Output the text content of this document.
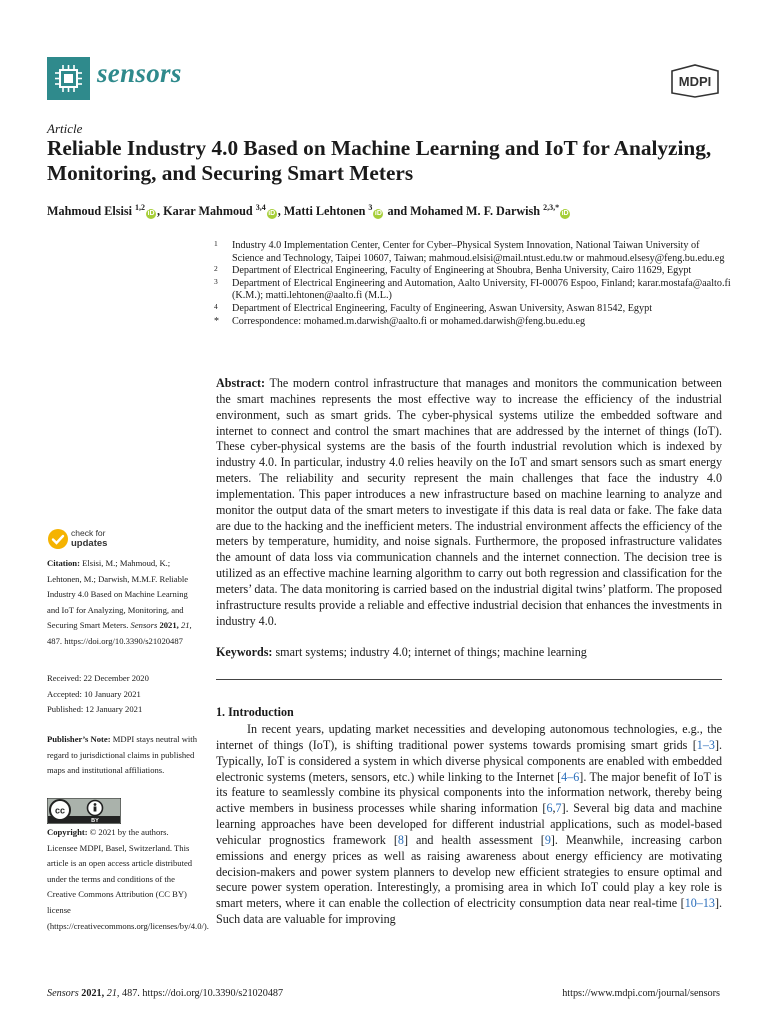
sensors	MDPI
Article
Reliable Industry 4.0 Based on Machine Learning and IoT for Analyzing, Monitoring, and Securing Smart Meters
Mahmoud Elsisi $^{1,2}$iD , Karar Mahmoud $^{3,4}$iD , Matti Lehtonen $^3$iD and Mohamed M. F. Darwish $^{2,3,*}$iD
1 Industry 4.0 Implementation Center, Center for Cyber–Physical System Innovation, National Taiwan University of Science and Technology, Taipei 10607, Taiwan; mahmoud.elsisi@mail.ntust.edu.tw or mahmoud.elsesy@feng.bu.edu.eg
2 Department of Electrical Engineering, Faculty of Engineering at Shoubra, Benha University, Cairo 11629, Egypt
3 Department of Electrical Engineering and Automation, Aalto University, FI-00076 Espoo, Finland; karar.mostafa@aalto.fi (K.M.); matti.lehtonen@aalto.fi (M.L.)
4 Department of Electrical Engineering, Faculty of Engineering, Aswan University, Aswan 81542, Egypt
* Correspondence: mohamed.m.darwish@aalto.fi or mohamed.darwish@feng.bu.edu.eg
Abstract: The modern control infrastructure that manages and monitors the communication between the smart machines represents the most effective way to increase the efficiency of the industrial environment, such as smart grids. The cyber-physical systems utilize the embedded software and internet to connect and control the smart machines that are addressed by the internet of things (IoT). These cyber-physical systems are the basis of the fourth industrial revolution which is indexed by industry 4.0. In particular, industry 4.0 relies heavily on the IoT and smart sensors such as smart energy meters. The reliability and security represent the main challenges that face the industry 4.0 implementation. This paper introduces a new infrastructure based on machine learning to analyze and monitor the output data of the smart meters to investigate if this data is real data or fake. The fake data are due to the hacking and the inefficient meters. The industrial environment affects the efficiency of the meters by temperature, humidity, and noise signals. Furthermore, the proposed infrastructure validates the amount of data loss via communication channels and the internet connection. The decision tree is utilized as an effective machine learning algorithm to carry out both regression and classification for the meters’ data. The data monitoring is carried based on the industrial digital twins’ platform. The proposed infrastructure results provide a reliable and effective industrial decision that enhances the investments in industry 4.0.
Keywords: smart systems; industry 4.0; internet of things; machine learning
check for
updates
Citation: Elsisi, M.; Mahmoud, K.; Lehtonen, M.; Darwish, M.M.F. Reliable Industry 4.0 Based on Machine Learning and IoT for Analyzing, Monitoring, and Securing Smart Meters. Sensors 2021, 21, 487. https://doi.org/10.3390/s21020487
Received: 22 December 2020
Accepted: 10 January 2021
Published: 12 January 2021
Publisher’s Note: MDPI stays neutral with regard to jurisdictional claims in published maps and institutional affiliations.
cc
BY
Copyright: © 2021 by the authors. Licensee MDPI, Basel, Switzerland. This article is an open access article distributed under the terms and conditions of the Creative Commons Attribution (CC BY) license (https://creativecommons.org/licenses/by/4.0/).
1. Introduction

In recent years, updating market necessities and developing autonomous technologies, e.g., the internet of things (IoT), is shifting traditional power systems towards promising smart grids [1–3]. Typically, IoT is considered a system in which diverse physical components are enabled with embedded electronic systems (meters, sensors, etc.) while linking to the Internet [4–6]. The major benefit of IoT is its feature to seamlessly combine its physical components into the information network, thereby being active members in business processes while sharing information [6,7]. Several big data and machine learning approaches have been developed for different industrial applications, such as model-based vehicular prognostics framework [8] and health assessment [9]. Meanwhile, increasing carbon emissions and energy prices as well as raising awareness about energy efficiency are motivating decision-makers and power system planners to develop new efficient strategies to ensure optimal and secure power system operation. Interestingly, a promising area in which IoT could play a key role is smart meters, where it can enable the collection of electricity consumption data near real-time [10–13]. Such data are valuable for improving

Sensors 2021, 21, 487. https://doi.org/10.3390/s21020487	https://www.mdpi.com/journal/sensors
